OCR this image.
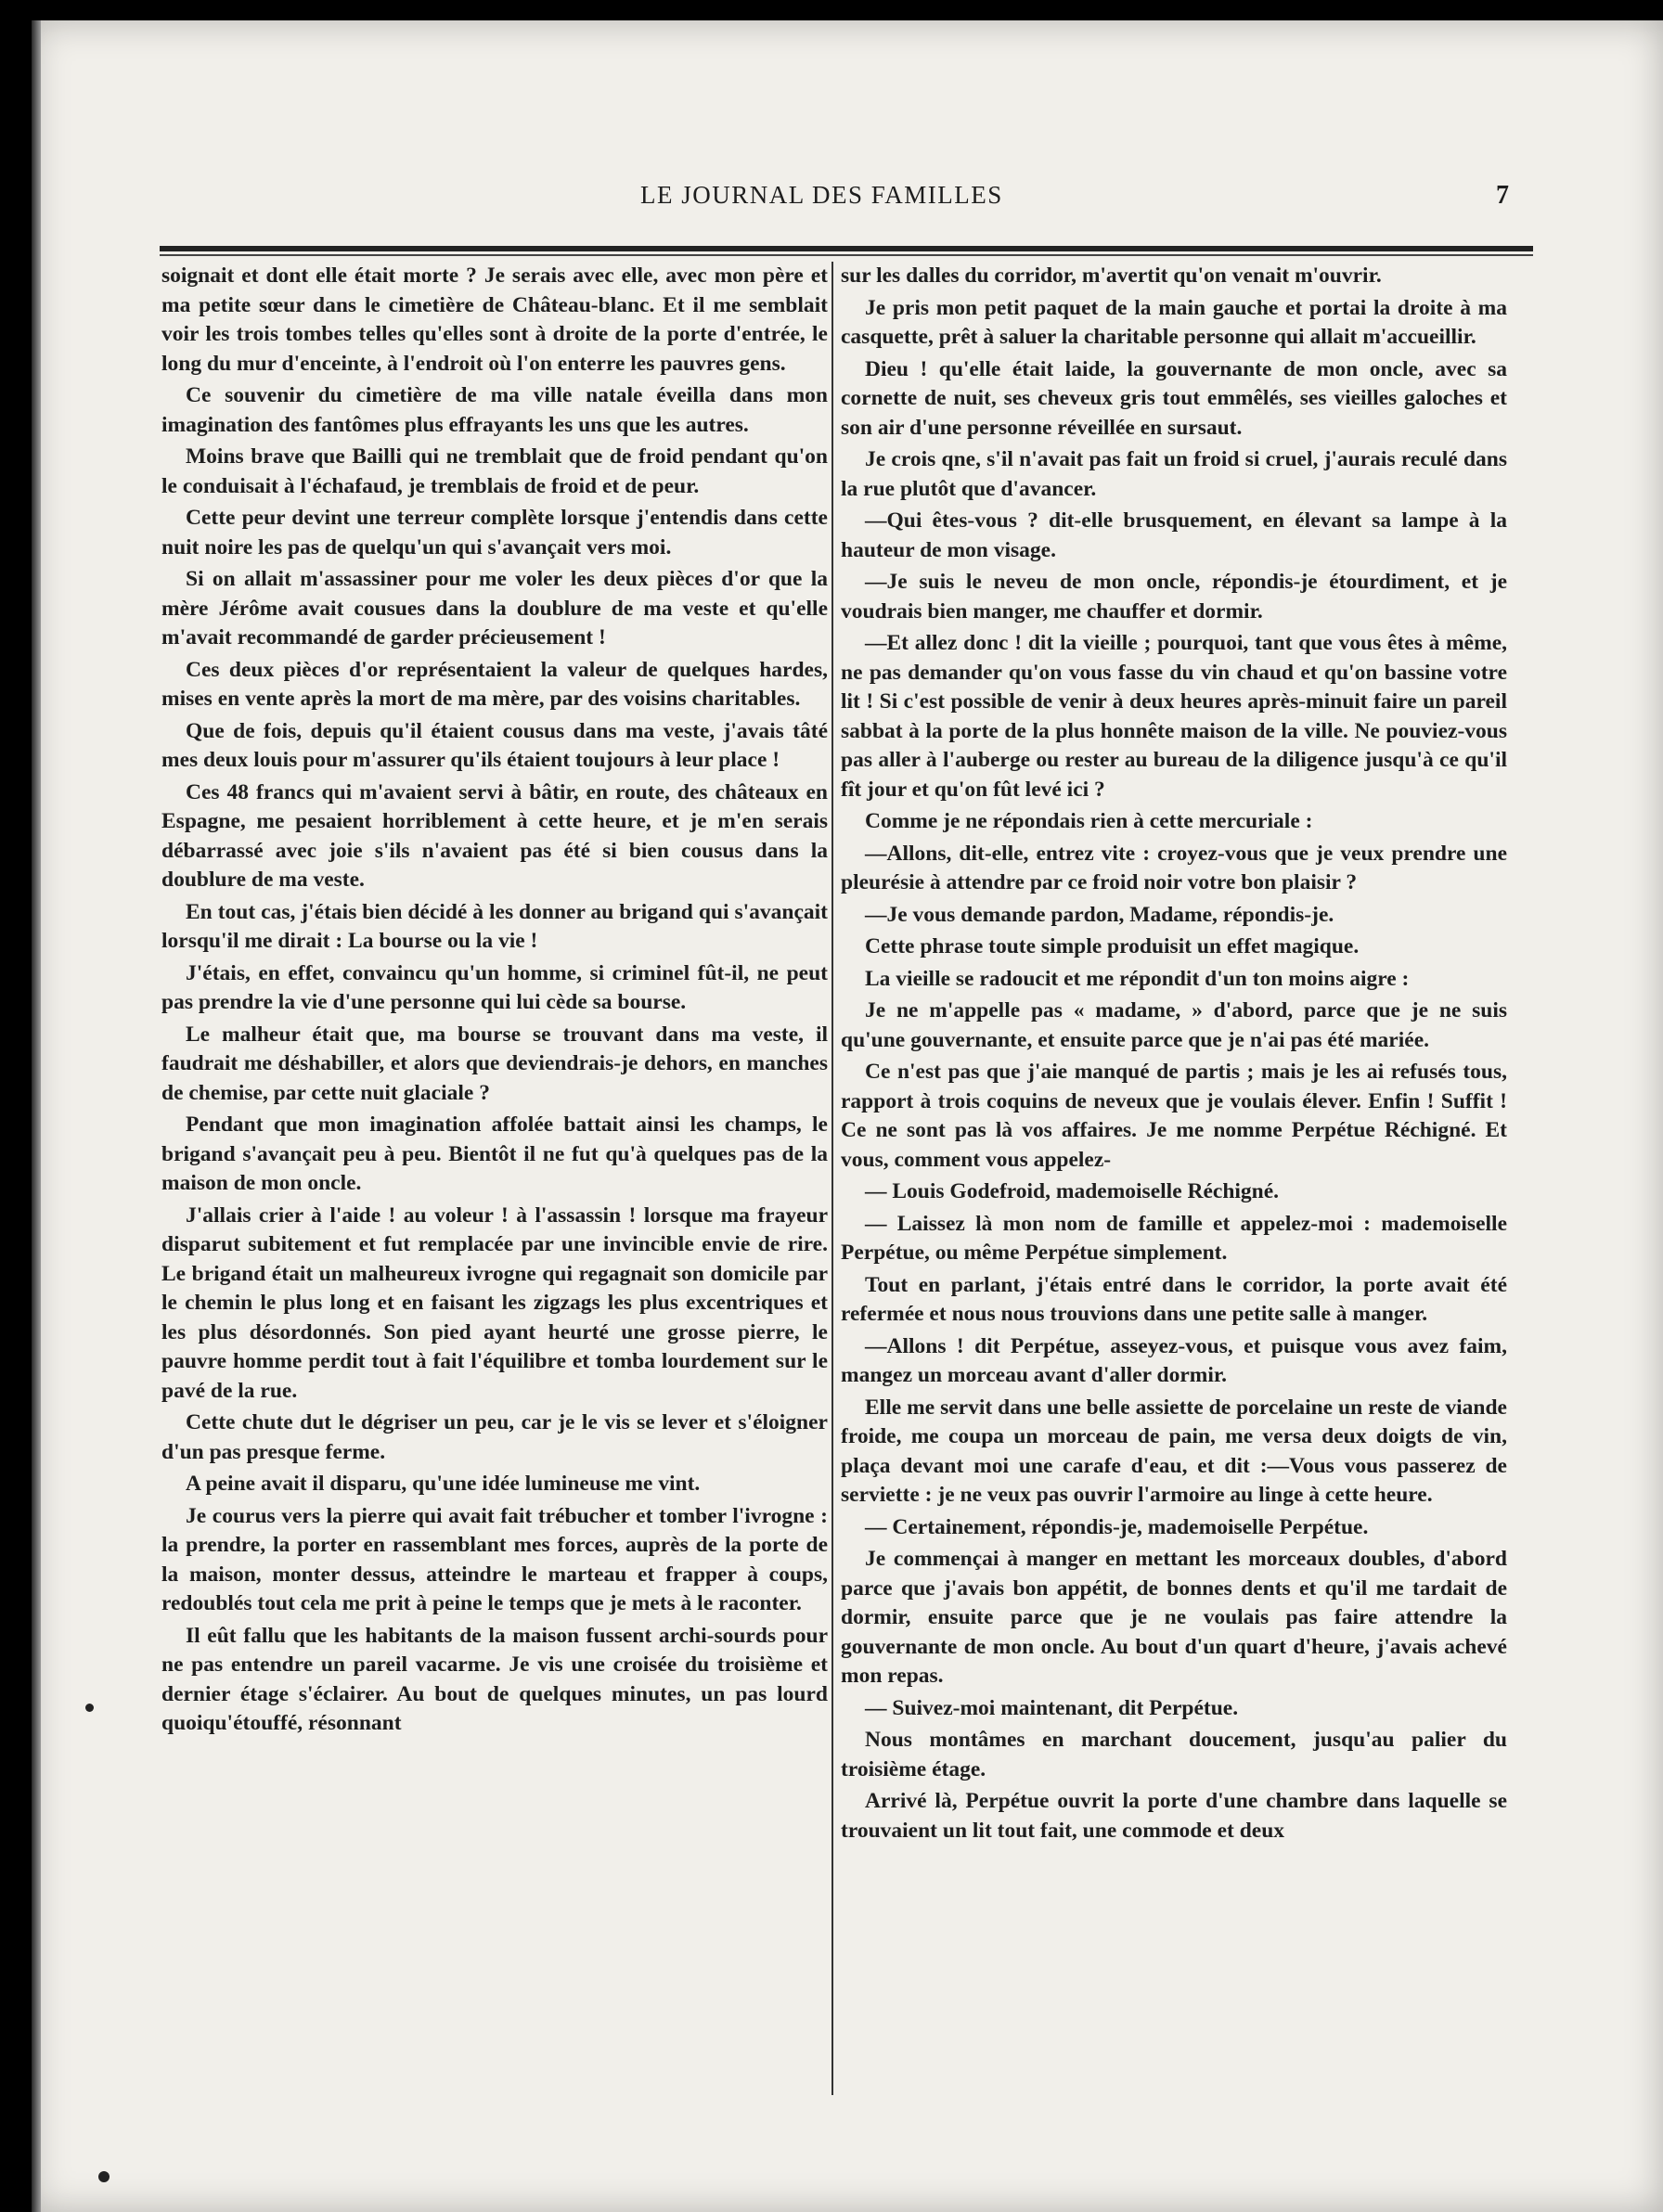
LE JOURNAL DES FAMILLES	7

soignait et dont elle était morte ? Je serais avec elle, avec mon père et ma petite sœur dans le cimetière de Château-blanc. Et il me semblait voir les trois tombes telles qu'elles sont à droite de la porte d'entrée, le long du mur d'enceinte, à l'endroit où l'on enterre les pauvres gens.

Ce souvenir du cimetière de ma ville natale éveilla dans mon imagination des fantômes plus effrayants les uns que les autres.

Moins brave que Bailli qui ne tremblait que de froid pendant qu'on le conduisait à l'échafaud, je tremblais de froid et de peur.

Cette peur devint une terreur complète lorsque j'entendis dans cette nuit noire les pas de quelqu'un qui s'avançait vers moi.

Si on allait m'assassiner pour me voler les deux pièces d'or que la mère Jérôme avait cousues dans la doublure de ma veste et qu'elle m'avait recommandé de garder précieusement !

Ces deux pièces d'or représentaient la valeur de quelques hardes, mises en vente après la mort de ma mère, par des voisins charitables.

Que de fois, depuis qu'il étaient cousus dans ma veste, j'avais tâté mes deux louis pour m'assurer qu'ils étaient toujours à leur place !

Ces 48 francs qui m'avaient servi à bâtir, en route, des châteaux en Espagne, me pesaient horriblement à cette heure, et je m'en serais débarrassé avec joie s'ils n'avaient pas été si bien cousus dans la doublure de ma veste.

En tout cas, j'étais bien décidé à les donner au brigand qui s'avançait lorsqu'il me dirait : La bourse ou la vie !

J'étais, en effet, convaincu qu'un homme, si criminel fût-il, ne peut pas prendre la vie d'une personne qui lui cède sa bourse.

Le malheur était que, ma bourse se trouvant dans ma veste, il faudrait me déshabiller, et alors que deviendrais-je dehors, en manches de chemise, par cette nuit glaciale ?

Pendant que mon imagination affolée battait ainsi les champs, le brigand s'avançait peu à peu. Bientôt il ne fut qu'à quelques pas de la maison de mon oncle.

J'allais crier à l'aide ! au voleur ! à l'assassin ! lorsque ma frayeur disparut subitement et fut remplacée par une invincible envie de rire. Le brigand était un malheureux ivrogne qui regagnait son domicile par le chemin le plus long et en faisant les zigzags les plus excentriques et les plus désordonnés. Son pied ayant heurté une grosse pierre, le pauvre homme perdit tout à fait l'équilibre et tomba lourdement sur le pavé de la rue.

Cette chute dut le dégriser un peu, car je le vis se lever et s'éloigner d'un pas presque ferme.

A peine avait il disparu, qu'une idée lumineuse me vint.

Je courus vers la pierre qui avait fait trébucher et tomber l'ivrogne : la prendre, la porter en rassemblant mes forces, auprès de la porte de la maison, monter dessus, atteindre le marteau et frapper à coups, redoublés tout cela me prit à peine le temps que je mets à le raconter.

Il eût fallu que les habitants de la maison fussent archi-sourds pour ne pas entendre un pareil vacarme. Je vis une croisée du troisième et dernier étage s'éclairer. Au bout de quelques minutes, un pas lourd quoiqu'étouffé, résonnant

sur les dalles du corridor, m'avertit qu'on venait m'ouvrir.

Je pris mon petit paquet de la main gauche et portai la droite à ma casquette, prêt à saluer la charitable personne qui allait m'accueillir.

Dieu ! qu'elle était laide, la gouvernante de mon oncle, avec sa cornette de nuit, ses cheveux gris tout emmêlés, ses vieilles galoches et son air d'une personne réveillée en sursaut.

Je crois qne, s'il n'avait pas fait un froid si cruel, j'aurais reculé dans la rue plutôt que d'avancer.

—Qui êtes-vous ? dit-elle brusquement, en élevant sa lampe à la hauteur de mon visage.

—Je suis le neveu de mon oncle, répondis-je étourdiment, et je voudrais bien manger, me chauffer et dormir.

—Et allez donc ! dit la vieille ; pourquoi, tant que vous êtes à même, ne pas demander qu'on vous fasse du vin chaud et qu'on bassine votre lit ! Si c'est possible de venir à deux heures après-minuit faire un pareil sabbat à la porte de la plus honnête maison de la ville. Ne pouviez-vous pas aller à l'auberge ou rester au bureau de la diligence jusqu'à ce qu'il fît jour et qu'on fût levé ici ?

Comme je ne répondais rien à cette mercuriale :

—Allons, dit-elle, entrez vite : croyez-vous que je veux prendre une pleurésie à attendre par ce froid noir votre bon plaisir ?

—Je vous demande pardon, Madame, répondis-je.

Cette phrase toute simple produisit un effet magique.

La vieille se radoucit et me répondit d'un ton moins aigre :

Je ne m'appelle pas « madame, » d'abord, parce que je ne suis qu'une gouvernante, et ensuite parce que je n'ai pas été mariée.

Ce n'est pas que j'aie manqué de partis ; mais je les ai refusés tous, rapport à trois coquins de neveux que je voulais élever. Enfin ! Suffit ! Ce ne sont pas là vos affaires. Je me nomme Perpétue Réchigné. Et vous, comment vous appelez-

— Louis Godefroid, mademoiselle Réchigné.

— Laissez là mon nom de famille et appelez-moi : mademoiselle Perpétue, ou même Perpétue simplement.

Tout en parlant, j'étais entré dans le corridor, la porte avait été refermée et nous nous trouvions dans une petite salle à manger.

—Allons ! dit Perpétue, asseyez-vous, et puisque vous avez faim, mangez un morceau avant d'aller dormir.

Elle me servit dans une belle assiette de porcelaine un reste de viande froide, me coupa un morceau de pain, me versa deux doigts de vin, plaça devant moi une carafe d'eau, et dit :—Vous vous passerez de serviette : je ne veux pas ouvrir l'armoire au linge à cette heure.

— Certainement, répondis-je, mademoiselle Perpétue.

Je commençai à manger en mettant les morceaux doubles, d'abord parce que j'avais bon appétit, de bonnes dents et qu'il me tardait de dormir, ensuite parce que je ne voulais pas faire attendre la gouvernante de mon oncle. Au bout d'un quart d'heure, j'avais achevé mon repas.

— Suivez-moi maintenant, dit Perpétue.

Nous montâmes en marchant doucement, jusqu'au palier du troisième étage.

Arrivé là, Perpétue ouvrit la porte d'une chambre dans laquelle se trouvaient un lit tout fait, une commode et deux
